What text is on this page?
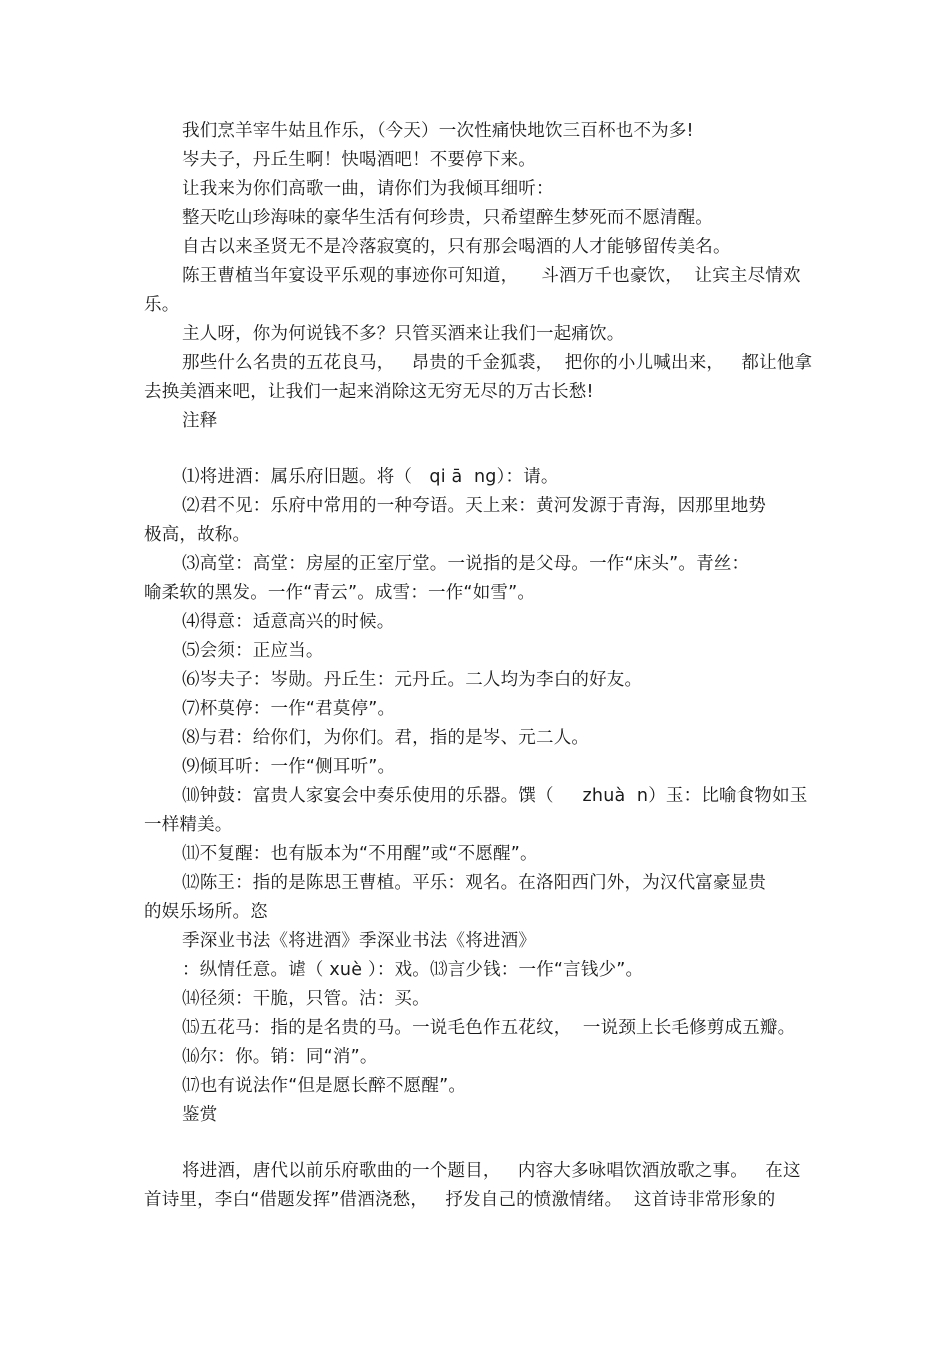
我们烹羊宰牛姑且作乐，（今天）一次性痛快地饮三百杯也不为多!
岑夫子，丹丘生啊！快喝酒吧！不要停下来。
让我来为你们高歌一曲，请你们为我倾耳细听：
整天吃山珍海味的豪华生活有何珍贵，只希望醉生梦死而不愿清醒。
自古以来圣贤无不是冷落寂寞的，只有那会喝酒的人才能够留传美名。
陈王曹植当年宴设平乐观的事迹你可知道，    斗酒万千也豪饮，  让宾主尽情欢
乐。
主人呀，你为何说钱不多？只管买酒来让我们一起痛饮。
那些什么名贵的五花良马，   昂贵的千金狐裘，  把你的小儿喊出来，   都让他拿
去换美酒来吧，让我们一起来消除这无穷无尽的万古长愁!
注释
⑴将进酒：属乐府旧题。将（   qi ā  ng）：请。
⑵君不见：乐府中常用的一种夸语。天上来：黄河发源于青海，因那里地势
极高，故称。
⑶高堂：高堂：房屋的正室厅堂。一说指的是父母。一作“床头”。青丝：
喻柔软的黑发。一作“青云”。成雪：一作“如雪”。
⑷得意：适意高兴的时候。
⑸会须：正应当。
⑹岑夫子：岑勋。丹丘生：元丹丘。二人均为李白的好友。
⑺杯莫停：一作“君莫停”。
⑻与君：给你们，为你们。君，指的是岑、元二人。
⑼倾耳听：一作“侧耳听”。
⑽钟鼓：富贵人家宴会中奏乐使用的乐器。馔（     zhuà  n）玉：比喻食物如玉
一样精美。
⑾不复醒：也有版本为“不用醒”或“不愿醒”。
⑿陈王：指的是陈思王曹植。平乐：观名。在洛阳西门外，为汉代富豪显贵
的娱乐场所。恣
季深业书法《将进酒》季深业书法《将进酒》
：纵情任意。谑（ xuè ）：戏。⒀言少钱：一作“言钱少”。
⒁径须：干脆，只管。沽：买。
⒂五花马：指的是名贵的马。一说毛色作五花纹，  一说颈上长毛修剪成五瓣。
⒃尔：你。销：同“消”。
⒄也有说法作“但是愿长醉不愿醒”。
鉴赏
将进酒，唐代以前乐府歌曲的一个题目，   内容大多咏唱饮酒放歌之事。   在这
首诗里，李白“借题发挥”借酒浇愁，   抒发自己的愤激情绪。  这首诗非常形象的
